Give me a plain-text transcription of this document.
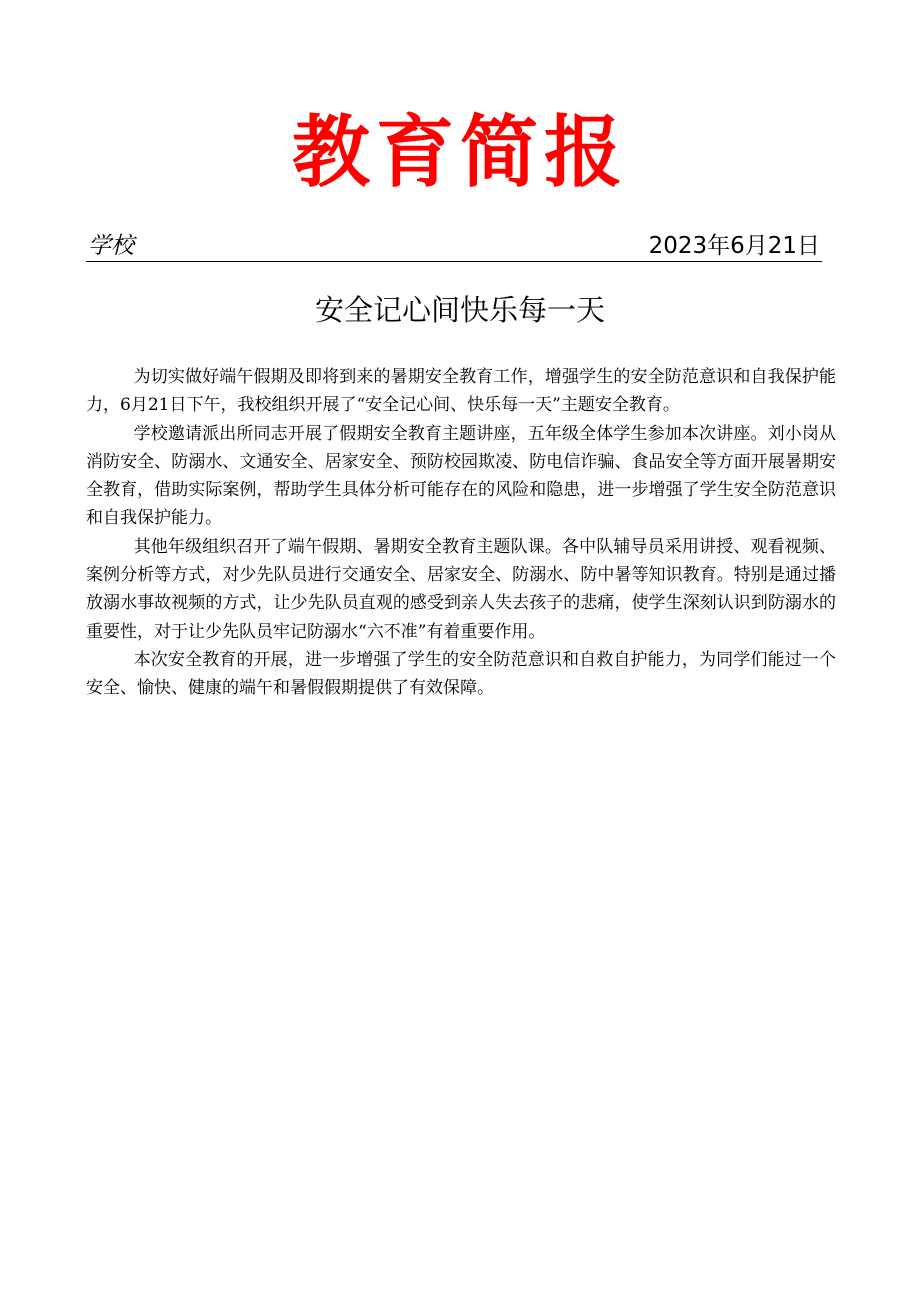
教育简报
学校	2023年6月21日
安全记心间快乐每一天

为切实做好端午假期及即将到来的暑期安全教育工作，增强学生的安全防范意识和自我保护能力，6月21日下午，我校组织开展了“安全记心间、快乐每一天”主题安全教育。

学校邀请派出所同志开展了假期安全教育主题讲座，五年级全体学生参加本次讲座。刘小岗从消防安全、防溺水、文通安全、居家安全、预防校园欺凌、防电信诈骗、食品安全等方面开展暑期安全教育，借助实际案例，帮助学生具体分析可能存在的风险和隐患，进一步增强了学生安全防范意识和自我保护能力。

其他年级组织召开了端午假期、暑期安全教育主题队课。各中队辅导员采用讲授、观看视频、案例分析等方式，对少先队员进行交通安全、居家安全、防溺水、防中暑等知识教育。特别是通过播放溺水事故视频的方式，让少先队员直观的感受到亲人失去孩子的悲痛，使学生深刻认识到防溺水的重要性，对于让少先队员牢记防溺水“六不准”有着重要作用。

本次安全教育的开展，进一步增强了学生的安全防范意识和自救自护能力，为同学们能过一个安全、愉快、健康的端午和暑假假期提供了有效保障。
